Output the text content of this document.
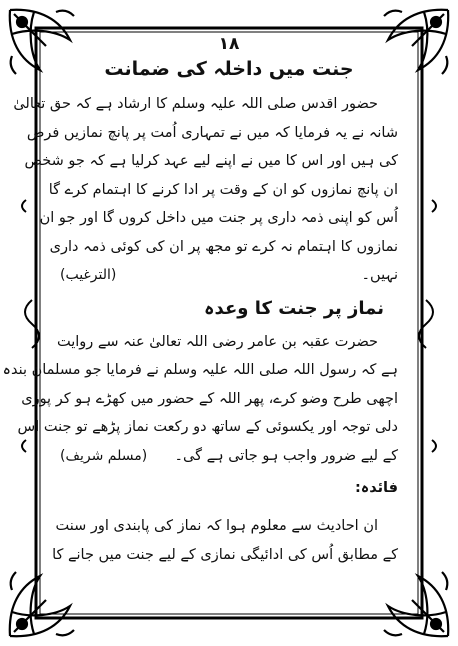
۱۸
جنت میں داخلہ کی ضمانت
حضور اقدس صلی اللہ علیہ وسلم کا ارشاد ہے کہ حق تعالیٰ
شانہ نے یہ فرمایا کہ میں نے تمہاری اُمت پر پانچ نمازیں فرض
کی ہیں اور اس کا میں نے اپنے لیے عہد کرلیا ہے کہ جو شخص
ان پانچ نمازوں کو ان کے وقت پر ادا کرنے کا اہتمام کرے گا
اُس کو اپنی ذمہ داری پر جنت میں داخل کروں گا اور جو ان
نمازوں کا اہتمام نہ کرے تو مجھ پر ان کی کوئی ذمہ داری
نہیں۔
(الترغیب)
نماز پر جنت کا وعدہ
حضرت عقبہ بن عامر رضی اللہ تعالیٰ عنہ سے روایت
ہے کہ رسول اللہ صلی اللہ علیہ وسلم نے فرمایا جو مسلمان بندہ
اچھی طرح وضو کرے، پھر اللہ کے حضور میں کھڑے ہو کر پوری
دلی توجہ اور یکسوئی کے ساتھ دو رکعت نماز پڑھے تو جنت اس
کے لیے ضرور واجب ہو جاتی ہے گی۔
(مسلم شریف)
فائدہ:
ان احادیث سے معلوم ہوا کہ نماز کی پابندی اور سنت
کے مطابق اُس کی ادائیگی نمازی کے لیے جنت میں جانے کا
